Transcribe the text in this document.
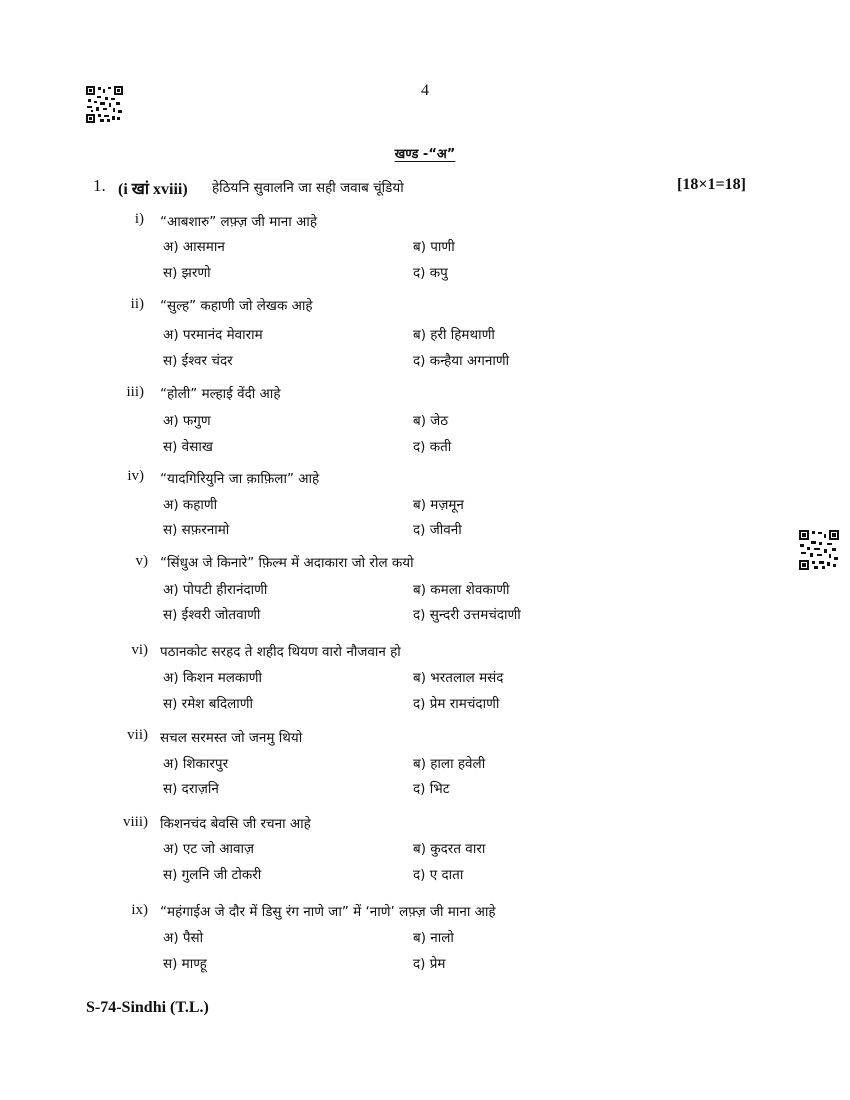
4
खण्ड -“अ”
1. (i खां xviii) हेठियनि सुवालनि जा सही जवाब चूंडियो	[18×1=18]
i) “आबशारु” लफ़्ज़ जी माना आहे
अ) आसमान	ब) पाणी
स) झरणो	द) कपु
ii) “सुल्ह” कहाणी जो लेखक आहे
अ) परमानंद मेवाराम	ब) हरी हिमथाणी
स) ईश्वर चंदर	द) कन्हैया अगनाणी
iii) “होली” मल्हाई वेंदी आहे
अ) फगुण	ब) जेठ
स) वेसाख	द) कती
iv) “यादगिरियुनि जा क़ाफ़िला” आहे
अ) कहाणी	ब) मज़मून
स) सफ़रनामो	द) जीवनी
v) “सिंधुअ जे किनारे” फ़िल्म में अदाकारा जो रोल कयो
अ) पोपटी हीरानंदाणी	ब) कमला शेवकाणी
स) ईश्वरी जोतवाणी	द) सुन्दरी उत्तमचंदाणी
vi) पठानकोट सरहद ते शहीद थियण वारो नौजवान हो
अ) किशन मलकाणी	ब) भरतलाल मसंद
स) रमेश बदिलाणी	द) प्रेम रामचंदाणी
vii) सचल सरमस्त जो जनमु थियो
अ) शिकारपुर	ब) हाला हवेली
स) दराज़नि	द) भिट
viii) किशनचंद बेवसि जी रचना आहे
अ) एट जो आवाज़	ब) कुदरत वारा
स) गुलनि जी टोकरी	द) ए दाता
ix) “महंगाईअ जे दौर में डिसु रंग नाणे जा” में ‘नाणे’ लफ़्ज़ जी माना आहे
अ) पैसो	ब) नालो
स) माण्हू	द) प्रेम
S-74-Sindhi (T.L.)
